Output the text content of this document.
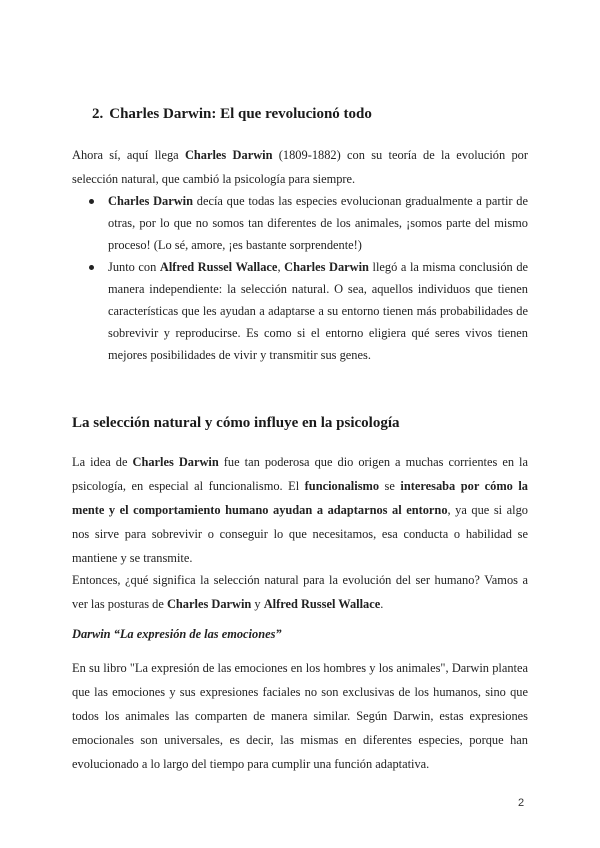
2. Charles Darwin: El que revolucionó todo

Ahora sí, aquí llega Charles Darwin (1809-1882) con su teoría de la evolución por selección natural, que cambió la psicología para siempre.

Charles Darwin decía que todas las especies evolucionan gradualmente a partir de otras, por lo que no somos tan diferentes de los animales, ¡somos parte del mismo proceso! (Lo sé, amore, ¡es bastante sorprendente!)
Junto con Alfred Russel Wallace, Charles Darwin llegó a la misma conclusión de manera independiente: la selección natural. O sea, aquellos individuos que tienen características que les ayudan a adaptarse a su entorno tienen más probabilidades de sobrevivir y reproducirse. Es como si el entorno eligiera qué seres vivos tienen mejores posibilidades de vivir y transmitir sus genes.
La selección natural y cómo influye en la psicología

La idea de Charles Darwin fue tan poderosa que dio origen a muchas corrientes en la psicología, en especial al funcionalismo. El funcionalismo se interesaba por cómo la mente y el comportamiento humano ayudan a adaptarnos al entorno, ya que si algo nos sirve para sobrevivir o conseguir lo que necesitamos, esa conducta o habilidad se mantiene y se transmite.

Entonces, ¿qué significa la selección natural para la evolución del ser humano? Vamos a ver las posturas de Charles Darwin y Alfred Russel Wallace.

Darwin “La expresión de las emociones”

En su libro "La expresión de las emociones en los hombres y los animales", Darwin plantea que las emociones y sus expresiones faciales no son exclusivas de los humanos, sino que todos los animales las comparten de manera similar. Según Darwin, estas expresiones emocionales son universales, es decir, las mismas en diferentes especies, porque han evolucionado a lo largo del tiempo para cumplir una función adaptativa.

2
